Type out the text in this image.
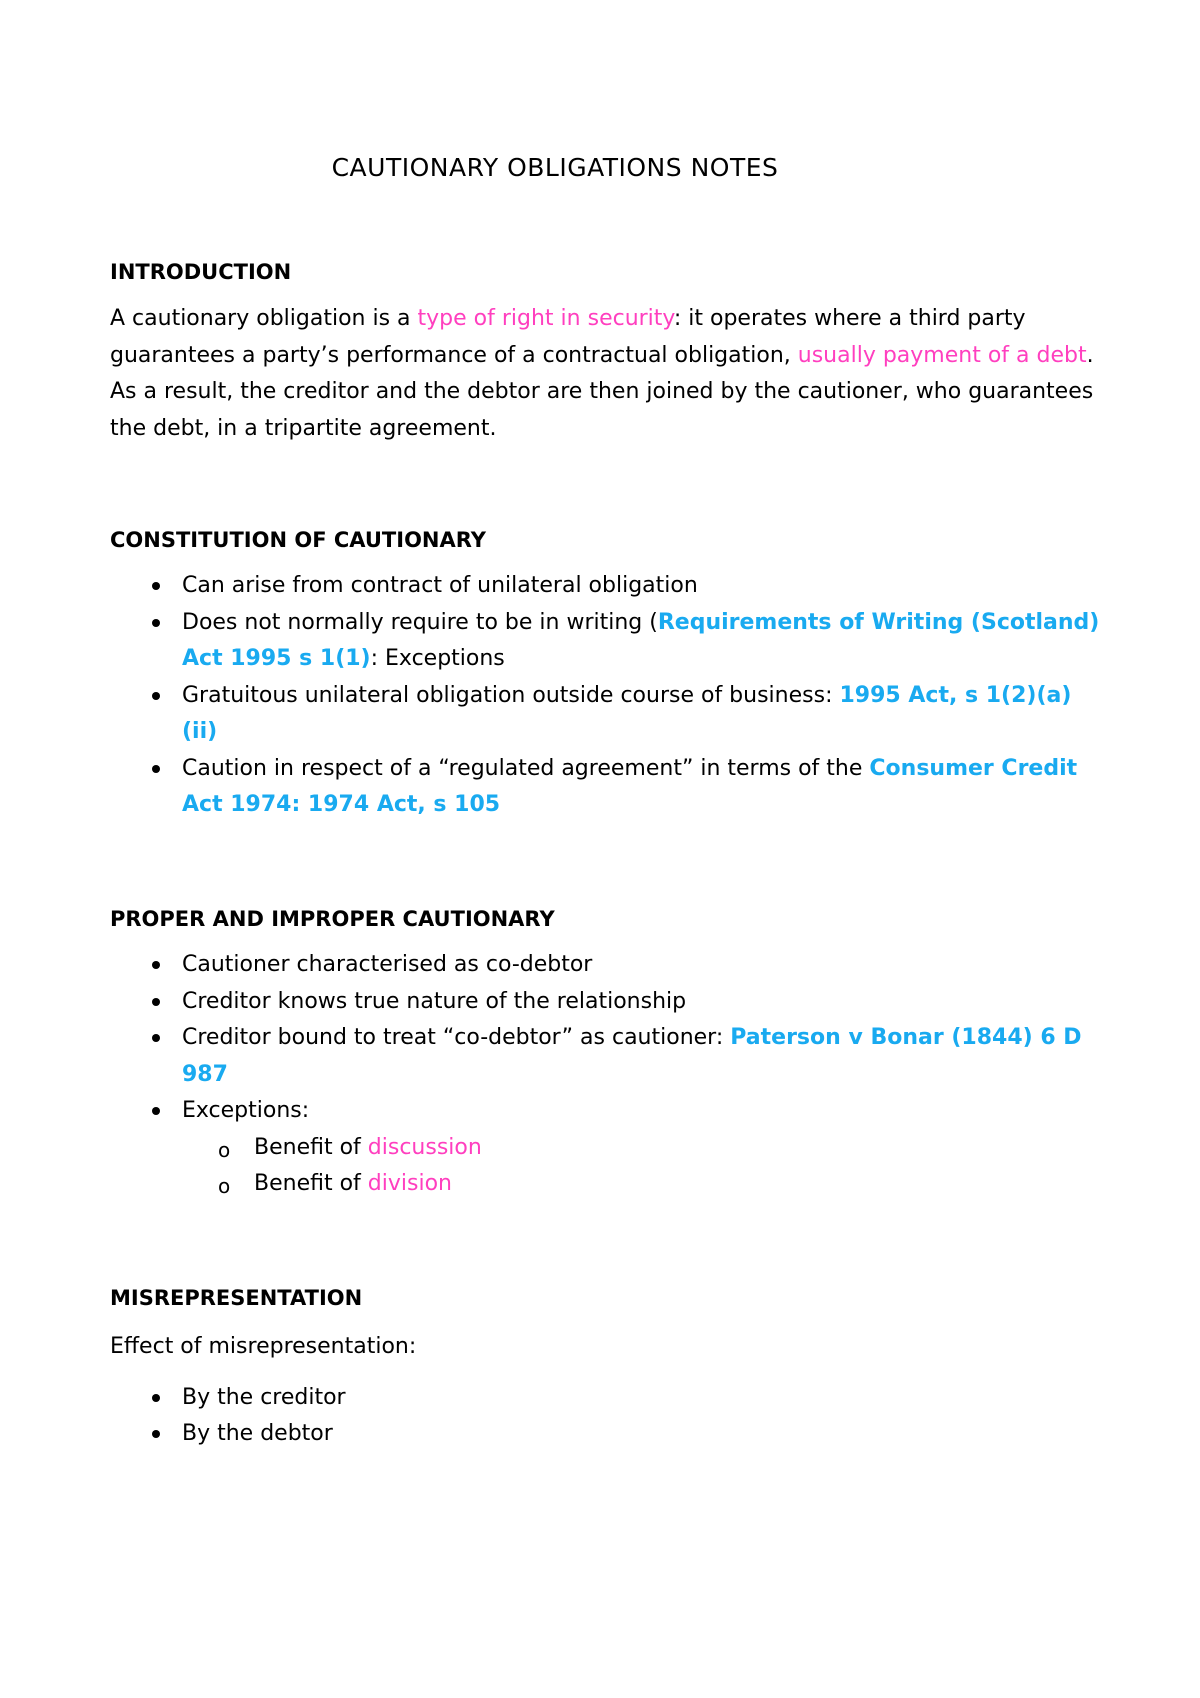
CAUTIONARY OBLIGATIONS NOTES

INTRODUCTION

A cautionary obligation is a type of right in security: it operates where a third party guarantees a party’s performance of a contractual obligation, usually payment of a debt. As a result, the creditor and the debtor are then joined by the cautioner, who guarantees the debt, in a tripartite agreement.

CONSTITUTION OF CAUTIONARY

Can arise from contract of unilateral obligation
Does not normally require to be in writing (Requirements of Writing (Scotland) Act 1995 s 1(1): Exceptions
Gratuitous unilateral obligation outside course of business: 1995 Act, s 1(2)(a)(ii)
Caution in respect of a “regulated agreement” in terms of the Consumer Credit Act 1974: 1974 Act, s 105

PROPER AND IMPROPER CAUTIONARY

Cautioner characterised as co-debtor
Creditor knows true nature of the relationship
Creditor bound to treat “co-debtor” as cautioner: Paterson v Bonar (1844) 6 D 987
Exceptions:
o Benefit of discussion
o Benefit of division

MISREPRESENTATION

Effect of misrepresentation:

By the creditor
By the debtor
